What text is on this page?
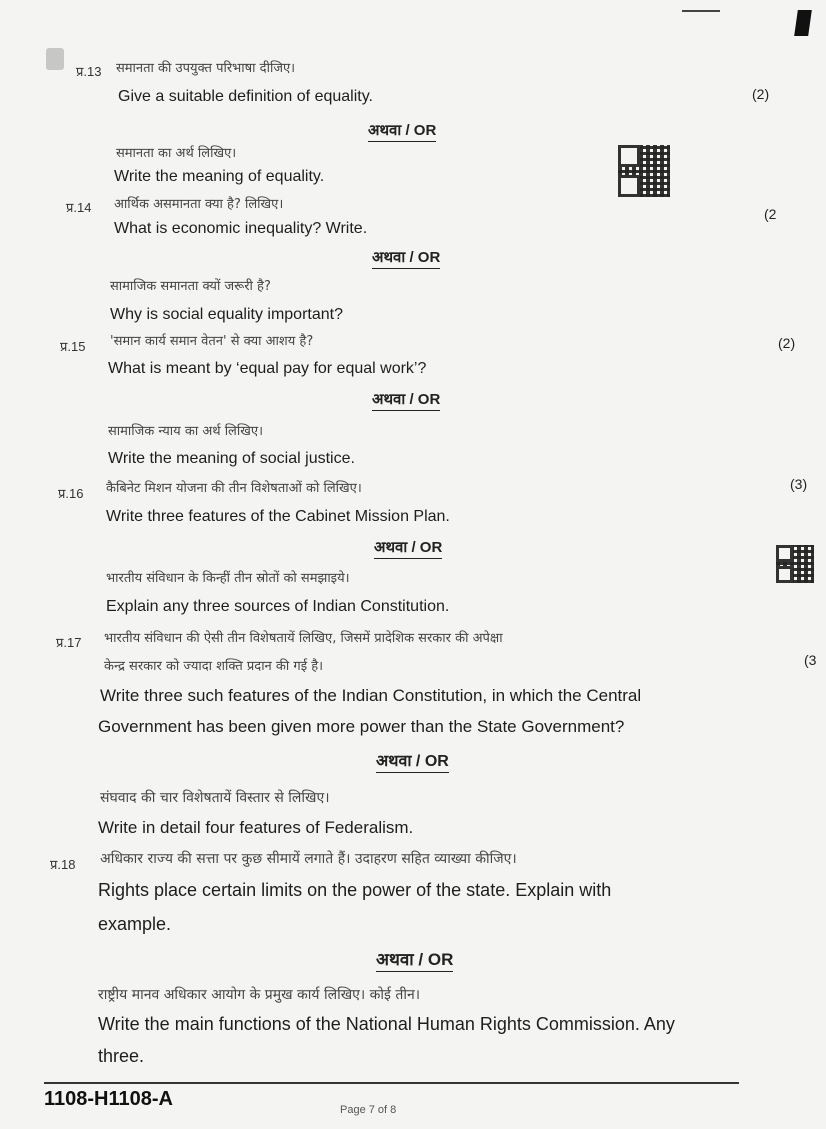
प्र.13 समानता की उपयुक्त परिभाषा दीजिए।
Give a suitable definition of equality.	(2)
अथवा / OR
समानता का अर्थ लिखिए।
Write the meaning of equality.
प्र.14 आर्थिक असमानता क्या है? लिखिए।
(2
What is economic inequality? Write.
अथवा / OR
सामाजिक समानता क्यों जरूरी है?
Why is social equality important?
प्र.15 'समान कार्य समान वेतन' से क्या आशय है?	(2)
What is meant by ‘equal pay for equal work’?
अथवा / OR
सामाजिक न्याय का अर्थ लिखिए।
Write the meaning of social justice.
प्र.16 कैबिनेट मिशन योजना की तीन विशेषताओं को लिखिए।	(3)
Write three features of the Cabinet Mission Plan.
अथवा / OR
भारतीय संविधान के किन्हीं तीन स्रोतों को समझाइये।
Explain any three sources of Indian Constitution.
प्र.17 भारतीय संविधान की ऐसी तीन विशेषतायें लिखिए, जिसमें प्रादेशिक सरकार की अपेक्षा
(3
केन्द्र सरकार को ज्यादा शक्ति प्रदान की गई है।
Write three such features of the Indian Constitution, in which the Central
Government has been given more power than the State Government?
अथवा / OR
संघवाद की चार विशेषतायें विस्तार से लिखिए।
Write in detail four features of Federalism.
प्र.18 अधिकार राज्य की सत्ता पर कुछ सीमायें लगाते हैं। उदाहरण सहित व्याख्या कीजिए।
Rights place certain limits on the power of the state. Explain with
example.
अथवा / OR
राष्ट्रीय मानव अधिकार आयोग के प्रमुख कार्य लिखिए। कोई तीन।
Write the main functions of the National Human Rights Commission. Any
three.
1108-H1108-A	Page 7 of 8
